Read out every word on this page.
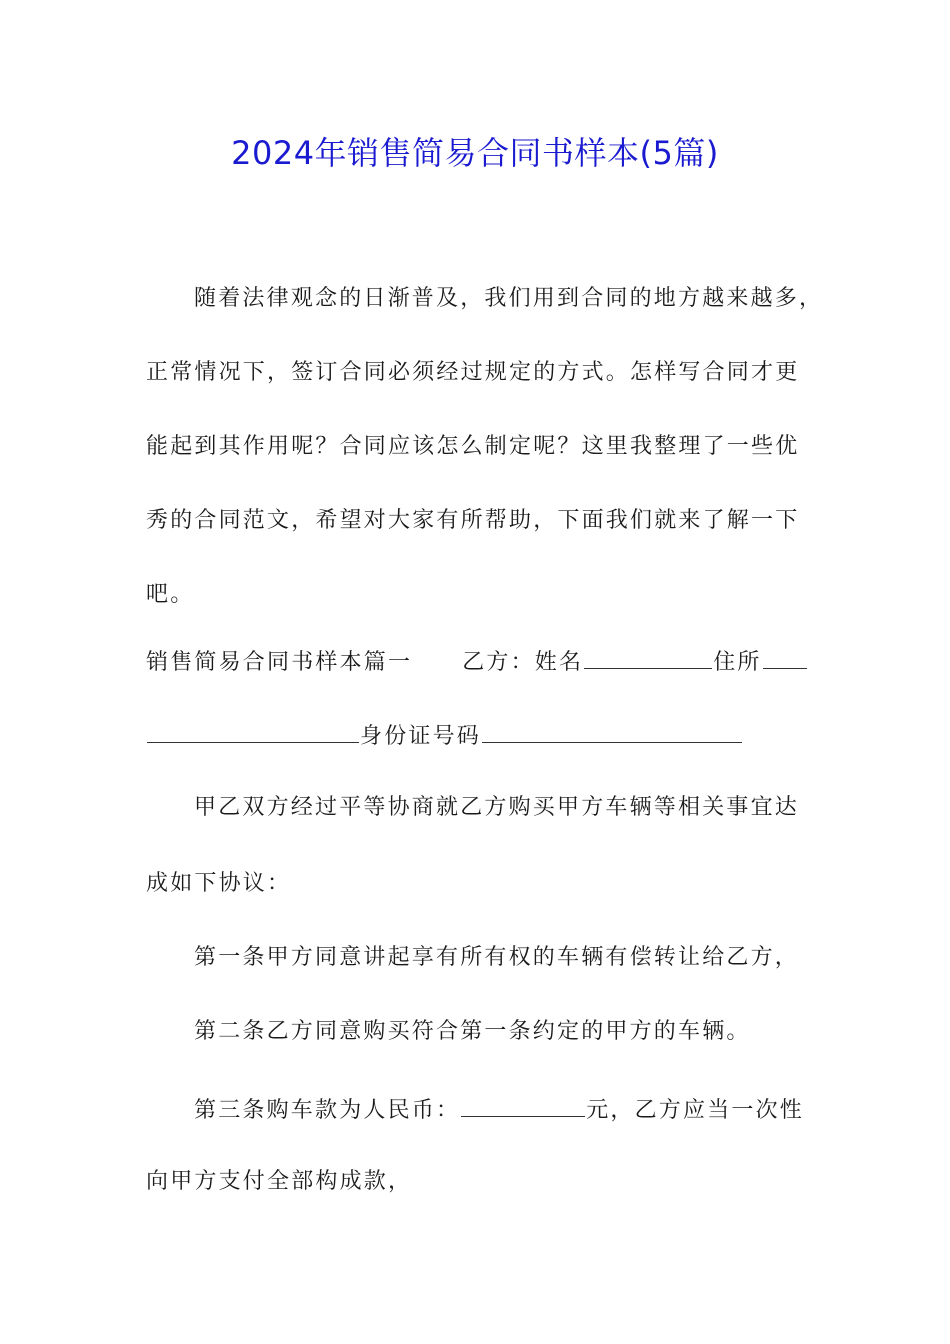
2024年销售简易合同书样本(5篇)
随着法律观念的日渐普及，我们用到合同的地方越来越多，
正常情况下，签订合同必须经过规定的方式。怎样写合同才更
能起到其作用呢？合同应该怎么制定呢？这里我整理了一些优
秀的合同范文，希望对大家有所帮助，下面我们就来了解一下
吧。
销售简易合同书样本篇一 乙方：姓名	住所
身份证号码
甲乙双方经过平等协商就乙方购买甲方车辆等相关事宜达
成如下协议：
第一条甲方同意讲起享有所有权的车辆有偿转让给乙方，
第二条乙方同意购买符合第一条约定的甲方的车辆。
第三条购车款为人民币：	元，乙方应当一次性
向甲方支付全部构成款，
